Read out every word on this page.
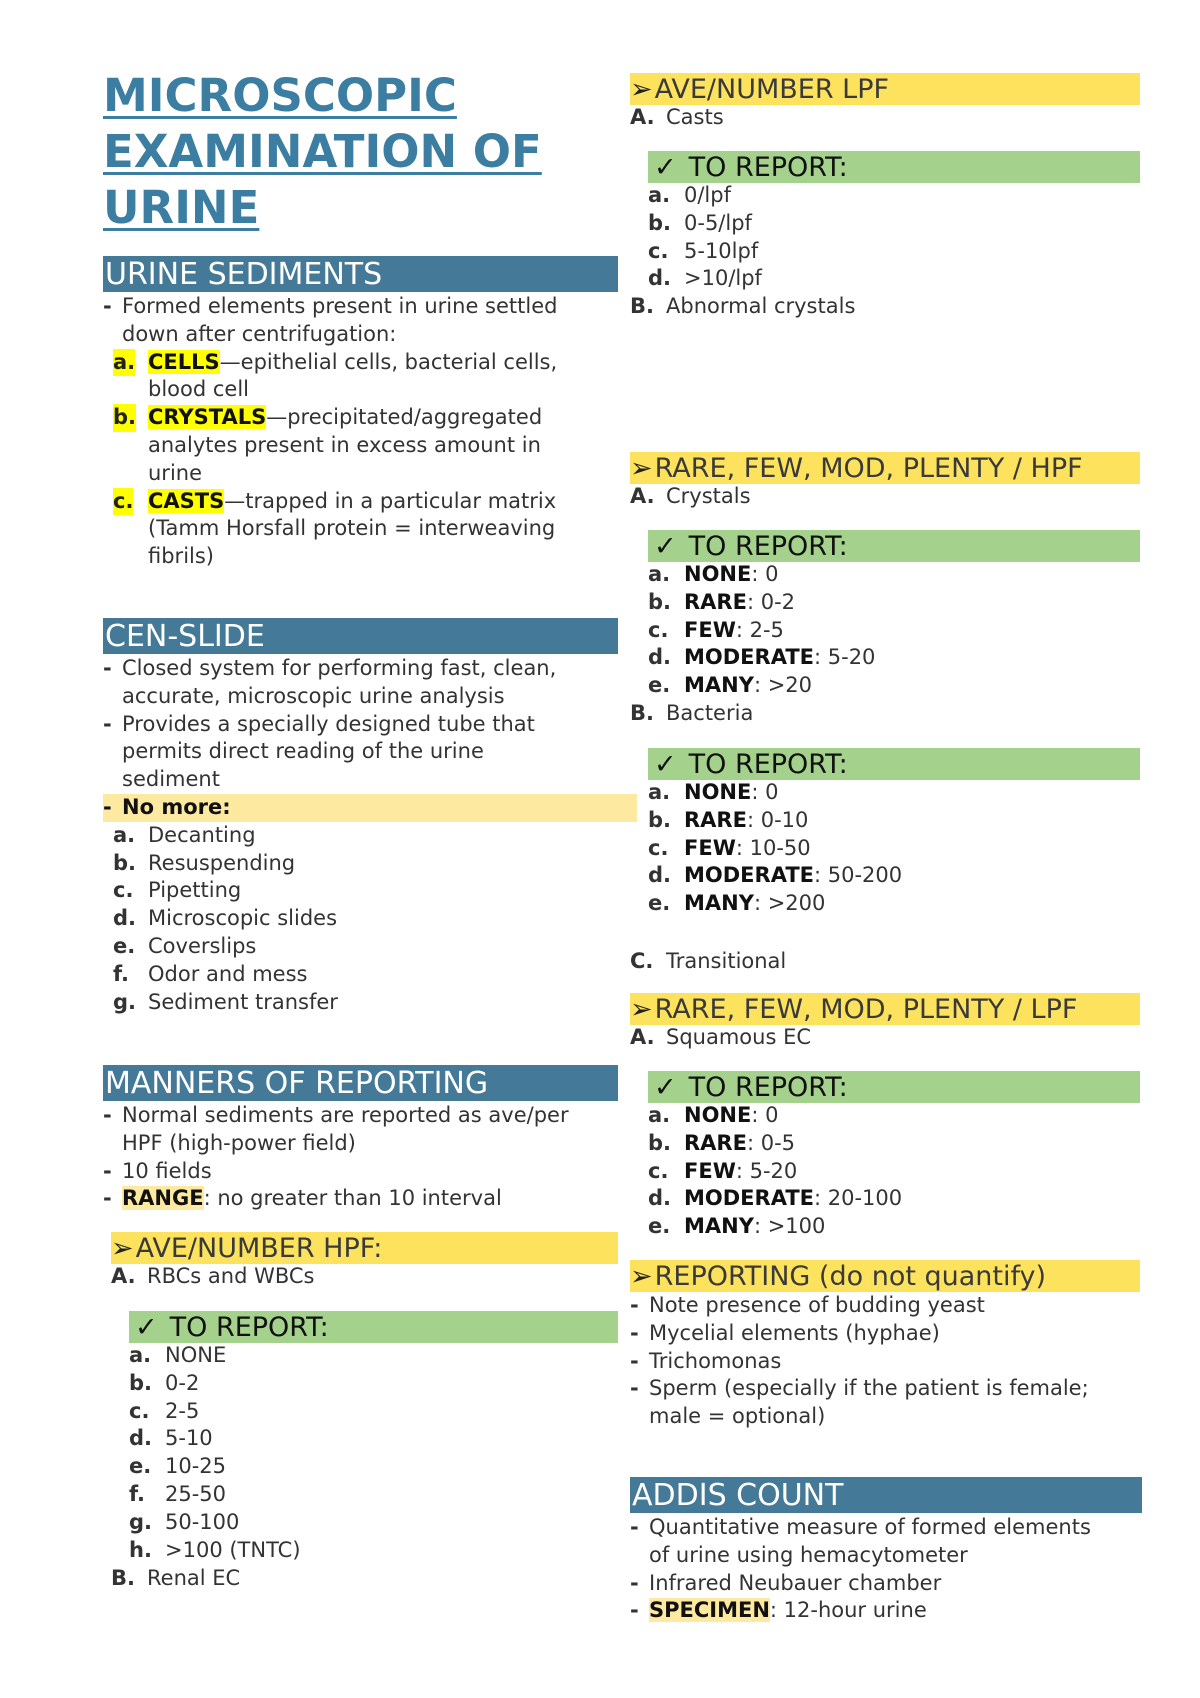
MICROSCOPIC
EXAMINATION OF
URINE
URINE SEDIMENTS
- Formed elements present in urine settled
down after centrifugation:
a. CELLS—epithelial cells, bacterial cells,
blood cell
b. CRYSTALS—precipitated/aggregated
analytes present in excess amount in
urine
c. CASTS—trapped in a particular matrix
(Tamm Horsfall protein = interweaving
fibrils)
CEN-SLIDE
- Closed system for performing fast, clean,
accurate, microscopic urine analysis
- Provides a specially designed tube that
permits direct reading of the urine
sediment
- No more:
a. Decanting
b. Resuspending
c. Pipetting
d. Microscopic slides
e. Coverslips
f. Odor and mess
g. Sediment transfer
MANNERS OF REPORTING
- Normal sediments are reported as ave/per
HPF (high-power field)
- 10 fields
- RANGE: no greater than 10 interval
➢AVE/NUMBER HPF:
A. RBCs and WBCs
✓ TO REPORT:
a. NONE
b. 0-2
c. 2-5
d. 5-10
e. 10-25
f. 25-50
g. 50-100
h. >100 (TNTC)
B. Renal EC
➢AVE/NUMBER LPF
A. Casts
✓ TO REPORT:
a. 0/lpf
b. 0-5/lpf
c. 5-10lpf
d. >10/lpf
B. Abnormal crystals
➢RARE, FEW, MOD, PLENTY / HPF
A. Crystals
✓ TO REPORT:
a. NONE: 0
b. RARE: 0-2
c. FEW: 2-5
d. MODERATE: 5-20
e. MANY: >20
B. Bacteria
✓ TO REPORT:
a. NONE: 0
b. RARE: 0-10
c. FEW: 10-50
d. MODERATE: 50-200
e. MANY: >200
C. Transitional
➢RARE, FEW, MOD, PLENTY / LPF
A. Squamous EC
✓ TO REPORT:
a. NONE: 0
b. RARE: 0-5
c. FEW: 5-20
d. MODERATE: 20-100
e. MANY: >100
➢REPORTING (do not quantify)
- Note presence of budding yeast
- Mycelial elements (hyphae)
- Trichomonas
- Sperm (especially if the patient is female;
male = optional)
ADDIS COUNT
- Quantitative measure of formed elements
of urine using hemacytometer
- Infrared Neubauer chamber
- SPECIMEN: 12-hour urine
